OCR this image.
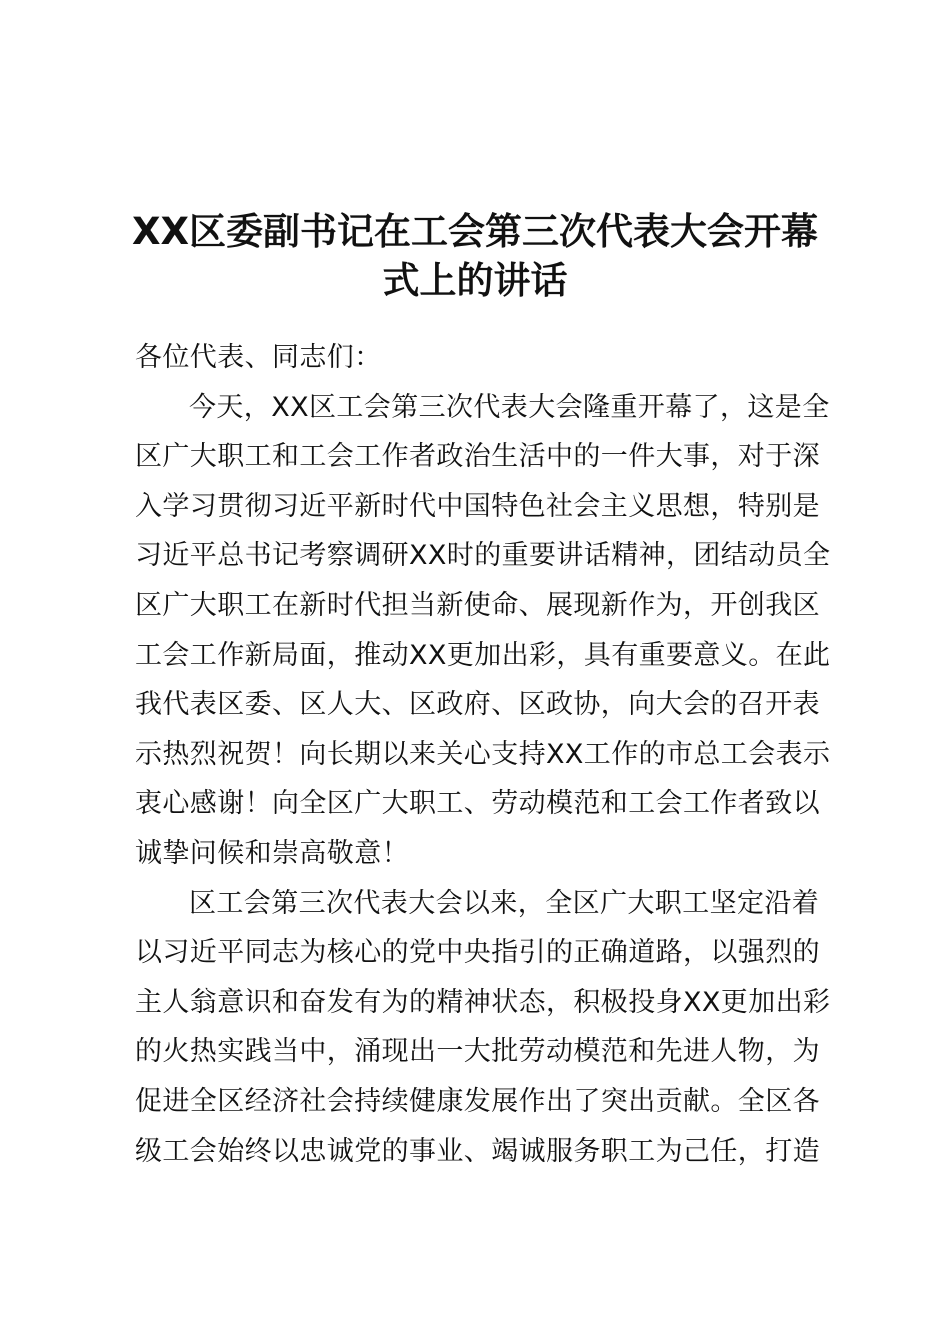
XX区委副书记在工会第三次代表大会开幕
式上的讲话
各位代表、同志们：
今天，XX区工会第三次代表大会隆重开幕了，这是全
区广大职工和工会工作者政治生活中的一件大事，对于深
入学习贯彻习近平新时代中国特色社会主义思想，特别是
习近平总书记考察调研XX时的重要讲话精神，团结动员全
区广大职工在新时代担当新使命、展现新作为，开创我区
工会工作新局面，推动XX更加出彩，具有重要意义。在此
我代表区委、区人大、区政府、区政协，向大会的召开表
示热烈祝贺！向长期以来关心支持XX工作的市总工会表示
衷心感谢！向全区广大职工、劳动模范和工会工作者致以
诚挚问候和崇高敬意！
区工会第三次代表大会以来，全区广大职工坚定沿着
以习近平同志为核心的党中央指引的正确道路，以强烈的
主人翁意识和奋发有为的精神状态，积极投身XX更加出彩
的火热实践当中，涌现出一大批劳动模范和先进人物，为
促进全区经济社会持续健康发展作出了突出贡献。全区各
级工会始终以忠诚党的事业、竭诚服务职工为己任，打造
